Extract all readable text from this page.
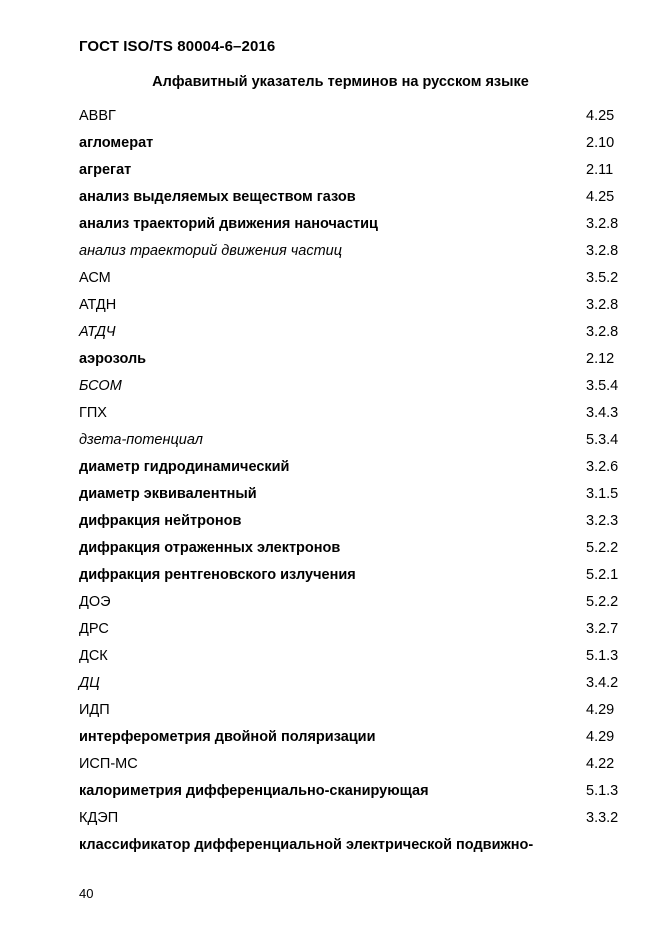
ГОСТ ISO/TS 80004-6–2016
Алфавитный указатель терминов на русском языке
АВВГ	4.25
агломерат	2.10
агрегат	2.11
анализ выделяемых веществом газов	4.25
анализ траекторий движения наночастиц	3.2.8
анализ траекторий движения частиц	3.2.8
АСМ	3.5.2
АТДН	3.2.8
АТДЧ	3.2.8
аэрозоль	2.12
БСОМ	3.5.4
ГПХ	3.4.3
дзета-потенциал	5.3.4
диаметр гидродинамический	3.2.6
диаметр эквивалентный	3.1.5
дифракция нейтронов	3.2.3
дифракция отраженных электронов	5.2.2
дифракция рентгеновского излучения	5.2.1
ДОЭ	5.2.2
ДРС	3.2.7
ДСК	5.1.3
ДЦ	3.4.2
ИДП	4.29
интерферометрия двойной поляризации	4.29
ИСП-МС	4.22
калориметрия дифференциально-сканирующая	5.1.3
КДЭП	3.3.2
классификатор дифференциальной электрической подвижно-
40
